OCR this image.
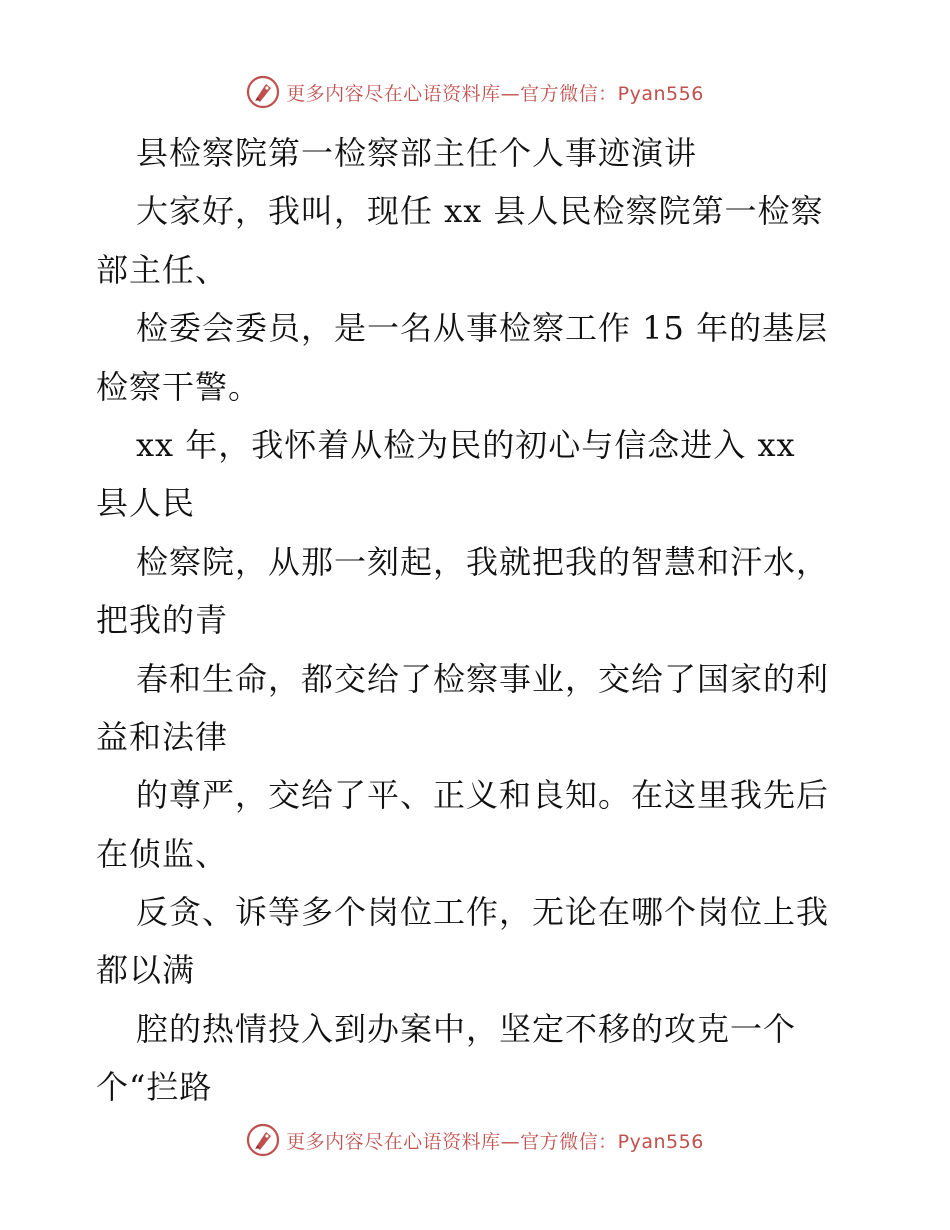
更多内容尽在心语资料库—官方微信：Pyan556
县检察院第一检察部主任个人事迹演讲
大家好，我叫，现任 xx 县人民检察院第一检察
部主任、
检委会委员，是一名从事检察工作 15 年的基层
检察干警。
xx 年，我怀着从检为民的初心与信念进入 xx
县人民
检察院，从那一刻起，我就把我的智慧和汗水，
把我的青
春和生命，都交给了检察事业，交给了国家的利
益和法律
的尊严，交给了平、正义和良知。在这里我先后
在侦监、
反贪、诉等多个岗位工作，无论在哪个岗位上我
都以满
腔的热情投入到办案中，坚定不移的攻克一个
个“拦路
更多内容尽在心语资料库—官方微信：Pyan556
